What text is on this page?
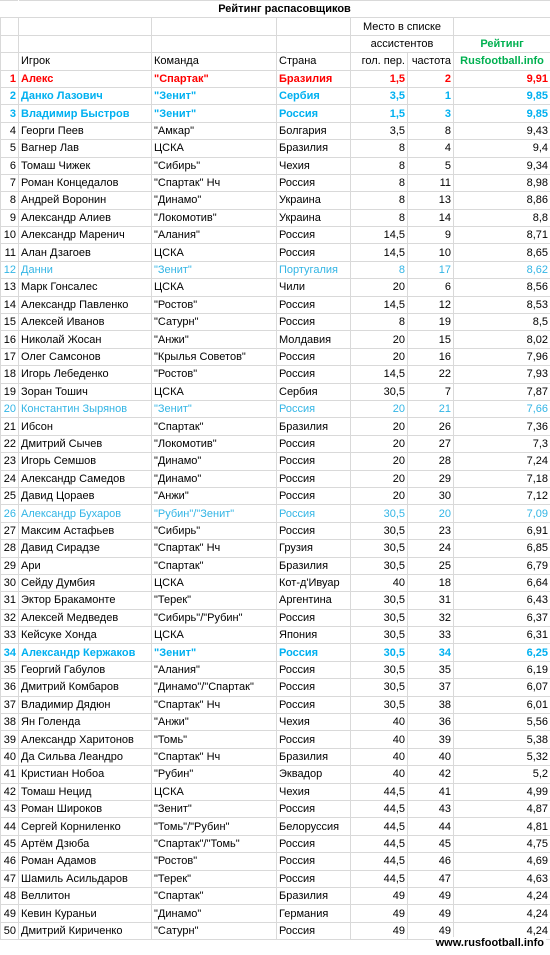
	Рейтинг распасовщиков					
				Место в списке		
				ассистентов		Рейтинг
	Игрок	Команда	Страна	гол. пер.	частота	Rusfootball.info
1	Алекс	"Спартак"	Бразилия	1,5	2	9,91
2	Данко Лазович	"Зенит"	Сербия	3,5	1	9,85
3	Владимир Быстров	"Зенит"	Россия	1,5	3	9,85
4	Георги Пеев	"Амкар"	Болгария	3,5	8	9,43
5	Вагнер Лав	ЦСКА	Бразилия	8	4	9,4
6	Томаш Чижек	"Сибирь"	Чехия	8	5	9,34
7	Роман Концедалов	"Спартак" Нч	Россия	8	11	8,98
8	Андрей Воронин	"Динамо"	Украина	8	13	8,86
9	Александр Алиев	"Локомотив"	Украина	8	14	8,8
10	Александр Маренич	"Алания"	Россия	14,5	9	8,71
11	Алан Дзагоев	ЦСКА	Россия	14,5	10	8,65
12	Данни	"Зенит"	Португалия	8	17	8,62
13	Марк Гонсалес	ЦСКА	Чили	20	6	8,56
14	Александр Павленко	"Ростов"	Россия	14,5	12	8,53
15	Алексей Иванов	"Сатурн"	Россия	8	19	8,5
16	Николай Жосан	"Анжи"	Молдавия	20	15	8,02
17	Олег Самсонов	"Крылья Советов"	Россия	20	16	7,96
18	Игорь Лебеденко	"Ростов"	Россия	14,5	22	7,93
19	Зоран Тошич	ЦСКА	Сербия	30,5	7	7,87
20	Константин Зырянов	"Зенит"	Россия	20	21	7,66
21	Ибсон	"Спартак"	Бразилия	20	26	7,36
22	Дмитрий Сычев	"Локомотив"	Россия	20	27	7,3
23	Игорь Семшов	"Динамо"	Россия	20	28	7,24
24	Александр Самедов	"Динамо"	Россия	20	29	7,18
25	Давид Цораев	"Анжи"	Россия	20	30	7,12
26	Александр Бухаров	"Рубин"/"Зенит"	Россия	30,5	20	7,09
27	Максим Астафьев	"Сибирь"	Россия	30,5	23	6,91
28	Давид Сирадзе	"Спартак" Нч	Грузия	30,5	24	6,85
29	Ари	"Спартак"	Бразилия	30,5	25	6,79
30	Сейду Думбия	ЦСКА	Кот-д'Ивуар	40	18	6,64
31	Эктор Бракамонте	"Терек"	Аргентина	30,5	31	6,43
32	Алексей Медведев	"Сибирь"/"Рубин"	Россия	30,5	32	6,37
33	Кейсуке Хонда	ЦСКА	Япония	30,5	33	6,31
34	Александр Кержаков	"Зенит"	Россия	30,5	34	6,25
35	Георгий Габулов	"Алания"	Россия	30,5	35	6,19
36	Дмитрий Комбаров	"Динамо"/"Спартак"	Россия	30,5	37	6,07
37	Владимир Дядюн	"Спартак" Нч	Россия	30,5	38	6,01
38	Ян Голенда	"Анжи"	Чехия	40	36	5,56
39	Александр Харитонов	"Томь"	Россия	40	39	5,38
40	Да Сильва Леандро	"Спартак" Нч	Бразилия	40	40	5,32
41	Кристиан Нобоа	"Рубин"	Эквадор	40	42	5,2
42	Томаш Нецид	ЦСКА	Чехия	44,5	41	4,99
43	Роман Широков	"Зенит"	Россия	44,5	43	4,87
44	Сергей Корниленко	"Томь"/"Рубин"	Белоруссия	44,5	44	4,81
45	Артём Дзюба	"Спартак"/"Томь"	Россия	44,5	45	4,75
46	Роман Адамов	"Ростов"	Россия	44,5	46	4,69
47	Шамиль Асильдаров	"Терек"	Россия	44,5	47	4,63
48	Веллитон	"Спартак"	Бразилия	49	49	4,24
49	Кевин Кураньи	"Динамо"	Германия	49	49	4,24
50	Дмитрий Кириченко	"Сатурн"	Россия	49	49	4,24
www.rusfootball.info
